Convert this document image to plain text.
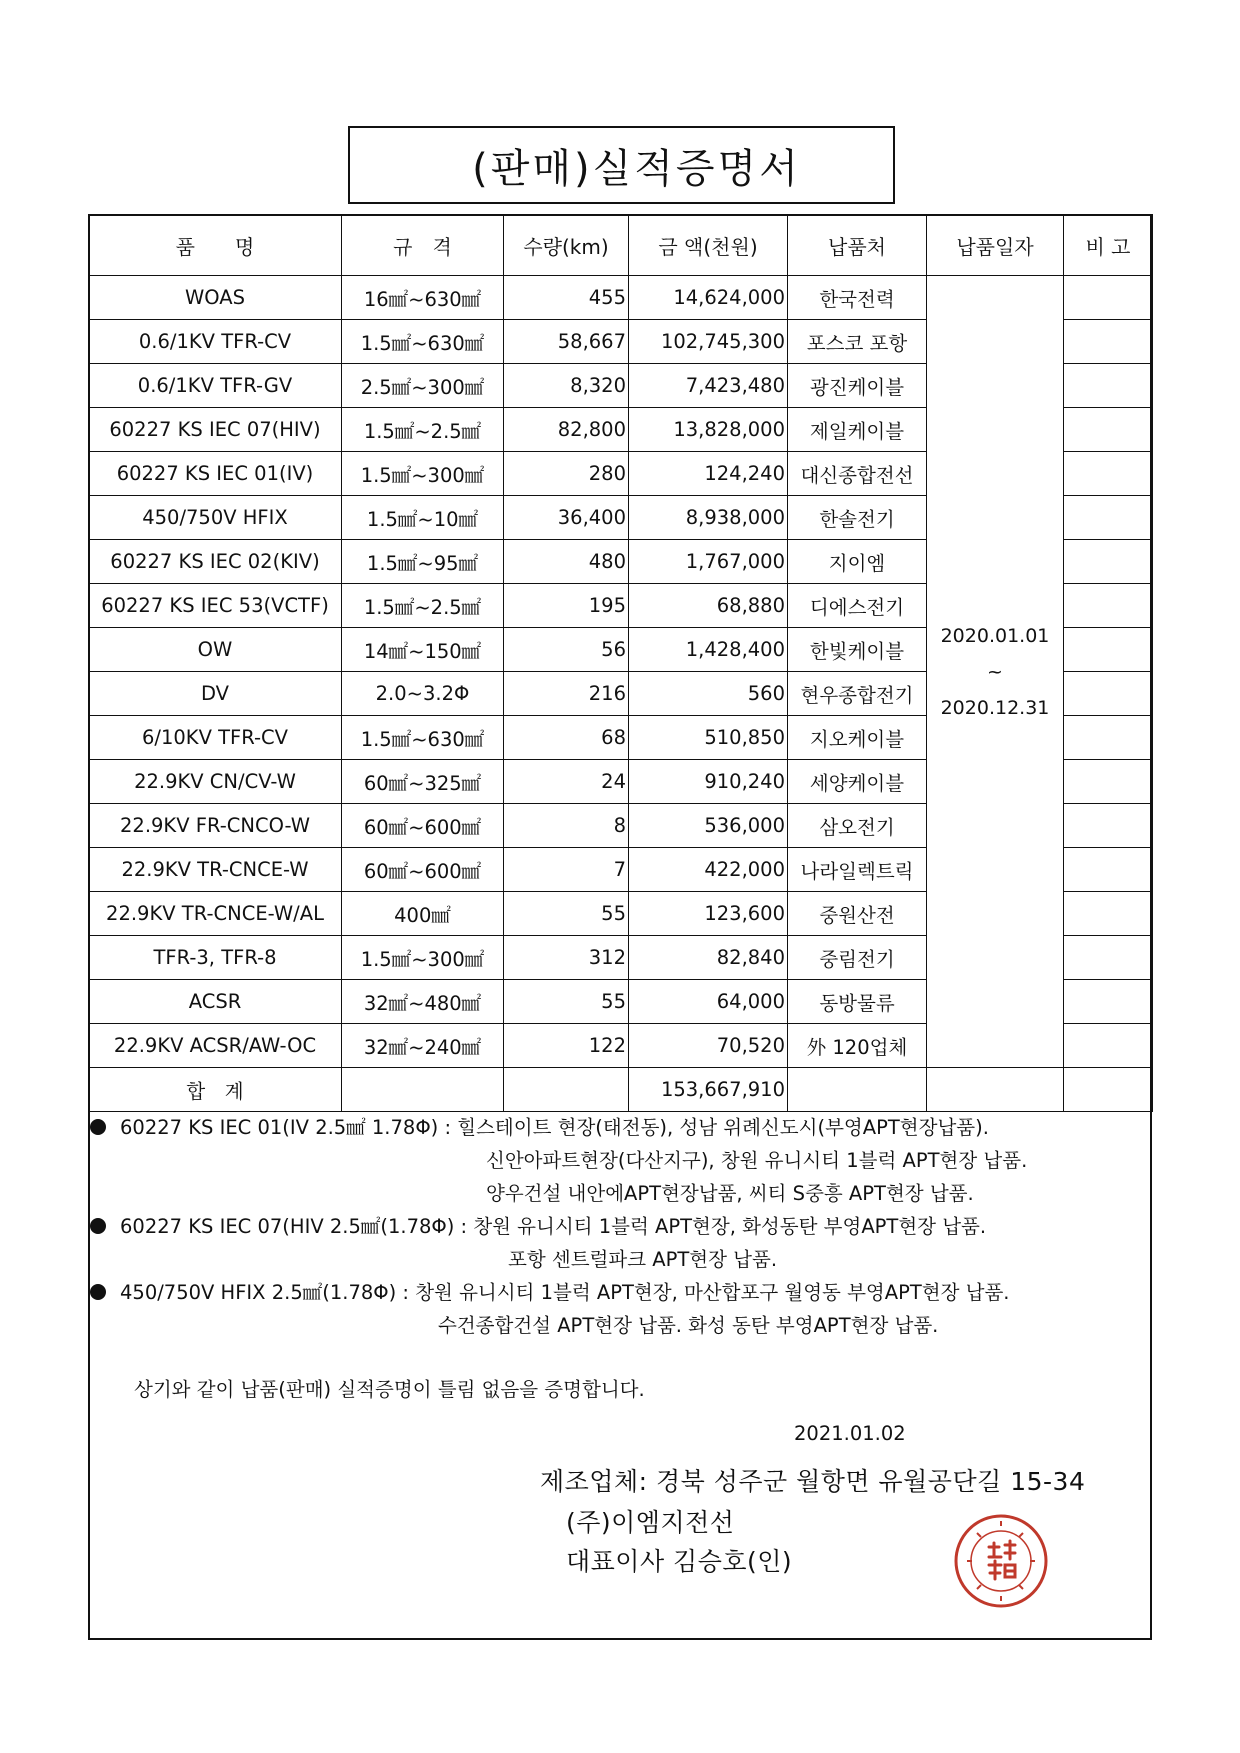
(판매)실적증명서
품　　명	규　격	수량(km)	금 액(천원)	납품처	납품일자	비 고
WOAS	16㎟~630㎟	455	14,624,000	한국전력	2020.01.01
~
2020.12.31	

0.6/1KV TFR-CV	1.5㎟~630㎟	58,667	102,745,300	포스코 포항		
0.6/1KV TFR-GV	2.5㎟~300㎟	8,320	7,423,480	광진케이블		
60227 KS IEC 07(HIV)	1.5㎟~2.5㎟	82,800	13,828,000	제일케이블		
60227 KS IEC 01(IV)	1.5㎟~300㎟	280	124,240	대신종합전선		
450/750V HFIX	1.5㎟~10㎟	36,400	8,938,000	한솔전기		
60227 KS IEC 02(KIV)	1.5㎟~95㎟	480	1,767,000	지이엠		
60227 KS IEC 53(VCTF)	1.5㎟~2.5㎟	195	68,880	디에스전기		
OW	14㎟~150㎟	56	1,428,400	한빛케이블		
DV	2.0~3.2Φ	216	560	현우종합전기		
6/10KV TFR-CV	1.5㎟~630㎟	68	510,850	지오케이블		
22.9KV CN/CV-W	60㎟~325㎟	24	910,240	세양케이블		
22.9KV FR-CNCO-W	60㎟~600㎟	8	536,000	삼오전기		
22.9KV TR-CNCE-W	60㎟~600㎟	7	422,000	나라일렉트릭		
22.9KV TR-CNCE-W/AL	400㎟	55	123,600	중원산전		
TFR-3, TFR-8	1.5㎟~300㎟	312	82,840	중림전기		
ACSR	32㎟~480㎟	55	64,000	동방물류		
22.9KV ACSR/AW-OC	32㎟~240㎟	122	70,520	外 120업체		
합　계			153,667,910			
60227 KS IEC 01(IV 2.5㎟ 1.78Φ) : 힐스테이트 현장(태전동), 성남 위례신도시(부영APT현장납품).
신안아파트현장(다산지구), 창원 유니시티 1블럭 APT현장 납품.
양우건설 내안에APT현장납품, 씨티 S중흥 APT현장 납품.
60227 KS IEC 07(HIV 2.5㎟(1.78Φ) : 창원 유니시티 1블럭 APT현장, 화성동탄 부영APT현장 납품.
포항 센트럴파크 APT현장 납품.
450/750V HFIX 2.5㎟(1.78Φ) : 창원 유니시티 1블럭 APT현장, 마산합포구 월영동 부영APT현장 납품.
수건종합건설 APT현장 납품. 화성 동탄 부영APT현장 납품.
상기와 같이 납품(판매) 실적증명이 틀림 없음을 증명합니다.
2021.01.02
제조업체: 경북 성주군 월항면 유월공단길 15-34
(주)이엠지전선
대표이사 김승호(인)
